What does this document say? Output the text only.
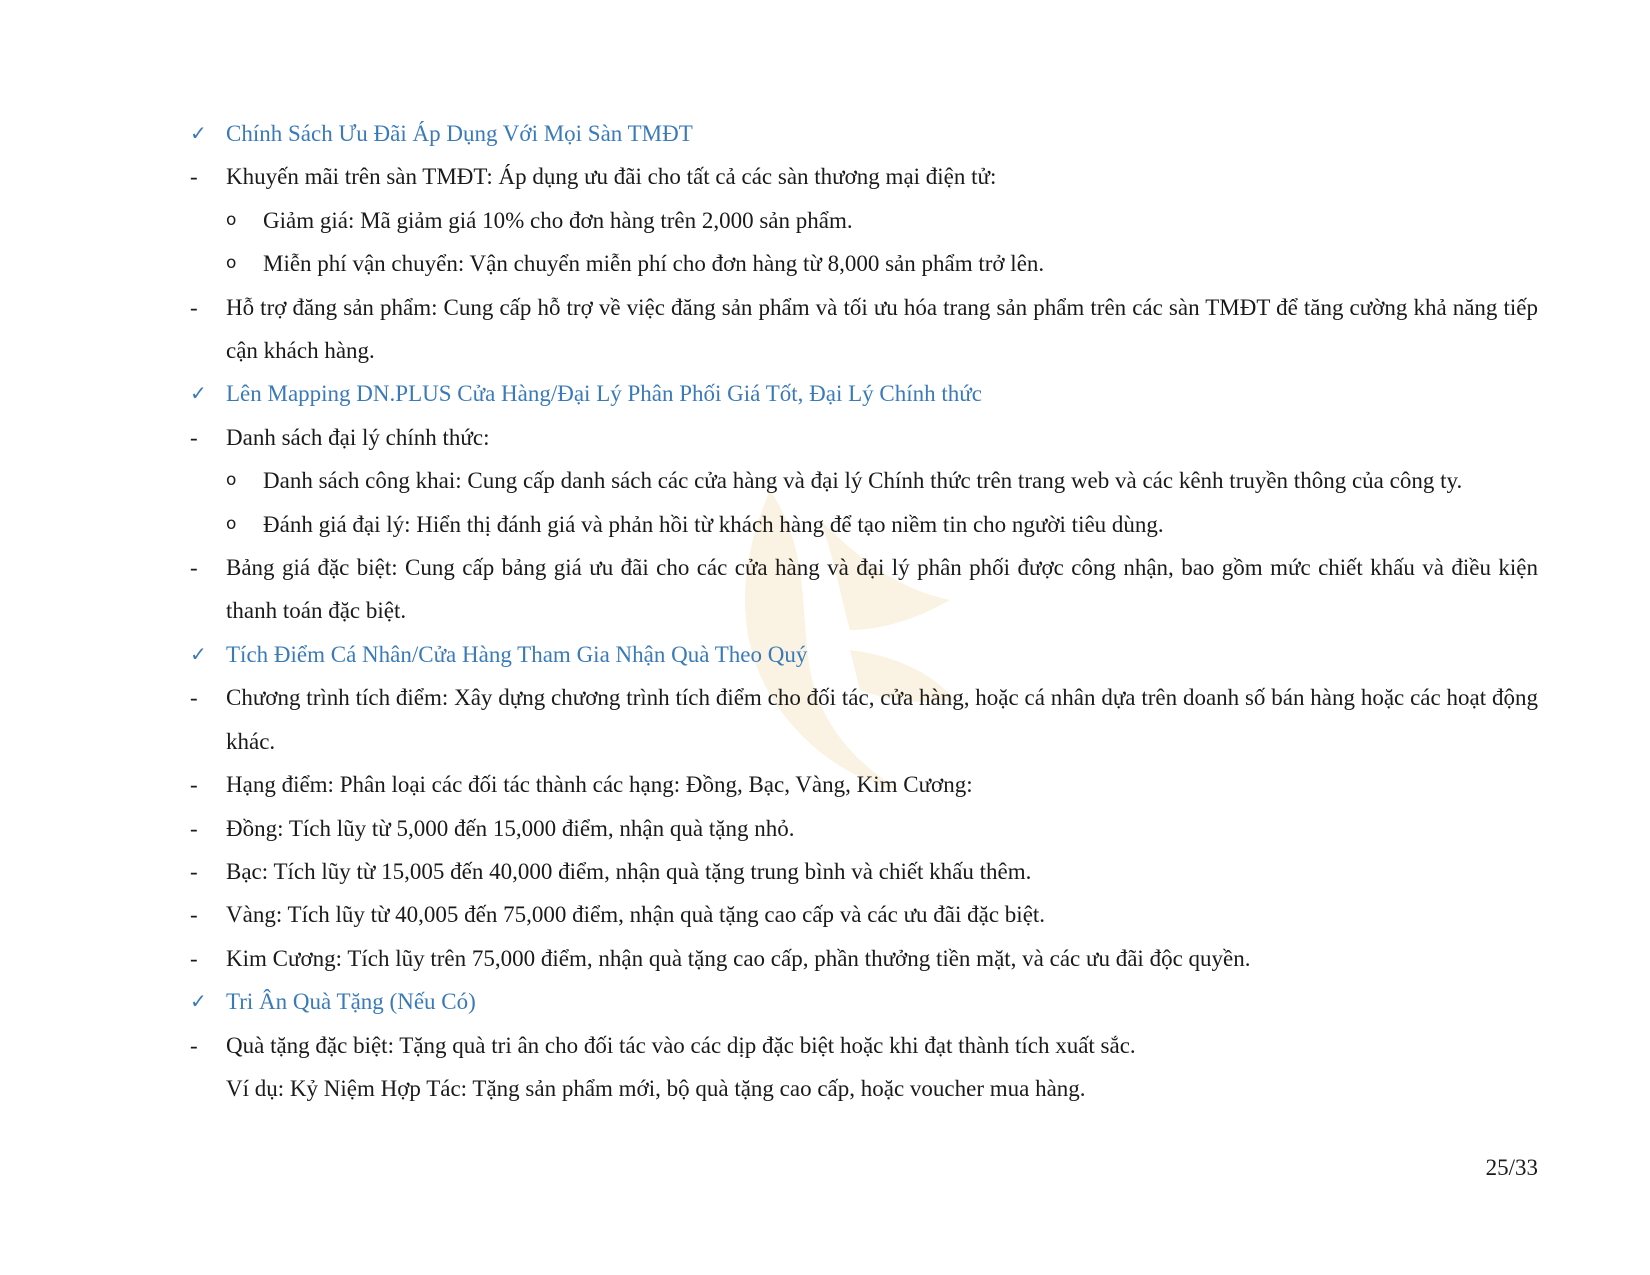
✓ Chính Sách Ưu Đãi Áp Dụng Với Mọi Sàn TMĐT
- Khuyến mãi trên sàn TMĐT: Áp dụng ưu đãi cho tất cả các sàn thương mại điện tử:
o Giảm giá: Mã giảm giá 10% cho đơn hàng trên 2,000 sản phẩm.
o Miễn phí vận chuyển: Vận chuyển miễn phí cho đơn hàng từ 8,000 sản phẩm trở lên.
- Hỗ trợ đăng sản phẩm: Cung cấp hỗ trợ về việc đăng sản phẩm và tối ưu hóa trang sản phẩm trên các sàn TMĐT để tăng cường khả năng tiếp cận khách hàng.
✓ Lên Mapping DN.PLUS Cửa Hàng/Đại Lý Phân Phối Giá Tốt, Đại Lý Chính thức
- Danh sách đại lý chính thức:
o Danh sách công khai: Cung cấp danh sách các cửa hàng và đại lý Chính thức trên trang web và các kênh truyền thông của công ty.
o Đánh giá đại lý: Hiển thị đánh giá và phản hồi từ khách hàng để tạo niềm tin cho người tiêu dùng.
- Bảng giá đặc biệt: Cung cấp bảng giá ưu đãi cho các cửa hàng và đại lý phân phối được công nhận, bao gồm mức chiết khấu và điều kiện thanh toán đặc biệt.
✓ Tích Điểm Cá Nhân/Cửa Hàng Tham Gia Nhận Quà Theo Quý
- Chương trình tích điểm: Xây dựng chương trình tích điểm cho đối tác, cửa hàng, hoặc cá nhân dựa trên doanh số bán hàng hoặc các hoạt động khác.
- Hạng điểm: Phân loại các đối tác thành các hạng: Đồng, Bạc, Vàng, Kim Cương:
- Đồng: Tích lũy từ 5,000 đến 15,000 điểm, nhận quà tặng nhỏ.
- Bạc: Tích lũy từ 15,005 đến 40,000 điểm, nhận quà tặng trung bình và chiết khấu thêm.
- Vàng: Tích lũy từ 40,005 đến 75,000 điểm, nhận quà tặng cao cấp và các ưu đãi đặc biệt.
- Kim Cương: Tích lũy trên 75,000 điểm, nhận quà tặng cao cấp, phần thưởng tiền mặt, và các ưu đãi độc quyền.
✓ Tri Ân Quà Tặng (Nếu Có)
- Quà tặng đặc biệt: Tặng quà tri ân cho đối tác vào các dịp đặc biệt hoặc khi đạt thành tích xuất sắc.
Ví dụ: Kỷ Niệm Hợp Tác: Tặng sản phẩm mới, bộ quà tặng cao cấp, hoặc voucher mua hàng.
25/33
